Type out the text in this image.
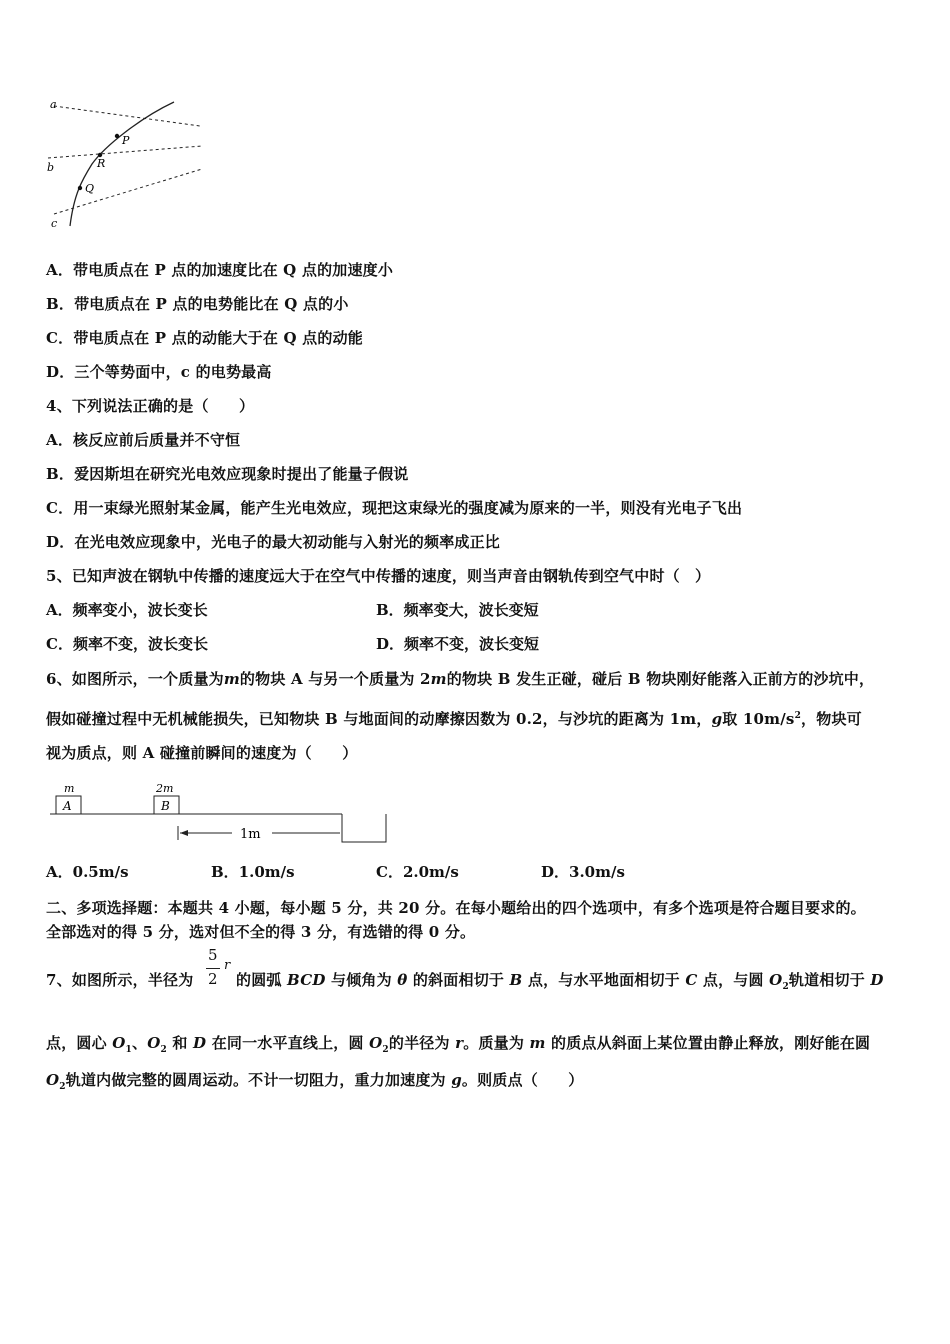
a
b
c
P
R
Q
A．带电质点在 P 点的加速度比在 Q 点的加速度小
B．带电质点在 P 点的电势能比在 Q 点的小
C．带电质点在 P 点的动能大于在 Q 点的动能
D．三个等势面中，c 的电势最高
4、下列说法正确的是（　　）
A．核反应前后质量并不守恒
B．爱因斯坦在研究光电效应现象时提出了能量子假说
C．用一束绿光照射某金属，能产生光电效应，现把这束绿光的强度减为原来的一半，则没有光电子飞出
D．在光电效应现象中，光电子的最大初动能与入射光的频率成正比
5、已知声波在钢轨中传播的速度远大于在空气中传播的速度，则当声音由钢轨传到空气中时（　）
A．频率变小，波长变长	B．频率变大，波长变短
C．频率不变，波长变长	D．频率不变，波长变短
6、如图所示，一个质量为m的物块 A 与另一个质量为 2m的物块 B 发生正碰，碰后 B 物块刚好能落入正前方的沙坑中，
假如碰撞过程中无机械能损失，已知物块 B 与地面间的动摩擦因数为 0.2，与沙坑的距离为 1m，g取 $10m/s^2$，物块可
视为质点，则 A 碰撞前瞬间的速度为（　　）
m
A
2m
B
1m
A．0.5m/s	B．1.0m/s	C．2.0m/s	D．3.0m/s
二、多项选择题：本题共 4 小题，每小题 5 分，共 20 分。在每小题给出的四个选项中，有多个选项是符合题目要求的。
全部选对的得 5 分，选对但不全的得 3 分，有选错的得 0 分。
5
2
r
7、如图所示，半径为	的圆弧 BCD 与倾角为 θ 的斜面相切于 B 点，与水平地面相切于 C 点，与圆 $O_2$轨道相切于 D
点，圆心 $O_1$、$O_2$ 和 D 在同一水平直线上，圆 $O_2$的半径为 r。质量为 m 的质点从斜面上某位置由静止释放，刚好能在圆
$O_2$轨道内做完整的圆周运动。不计一切阻力，重力加速度为 g。则质点（　　）
